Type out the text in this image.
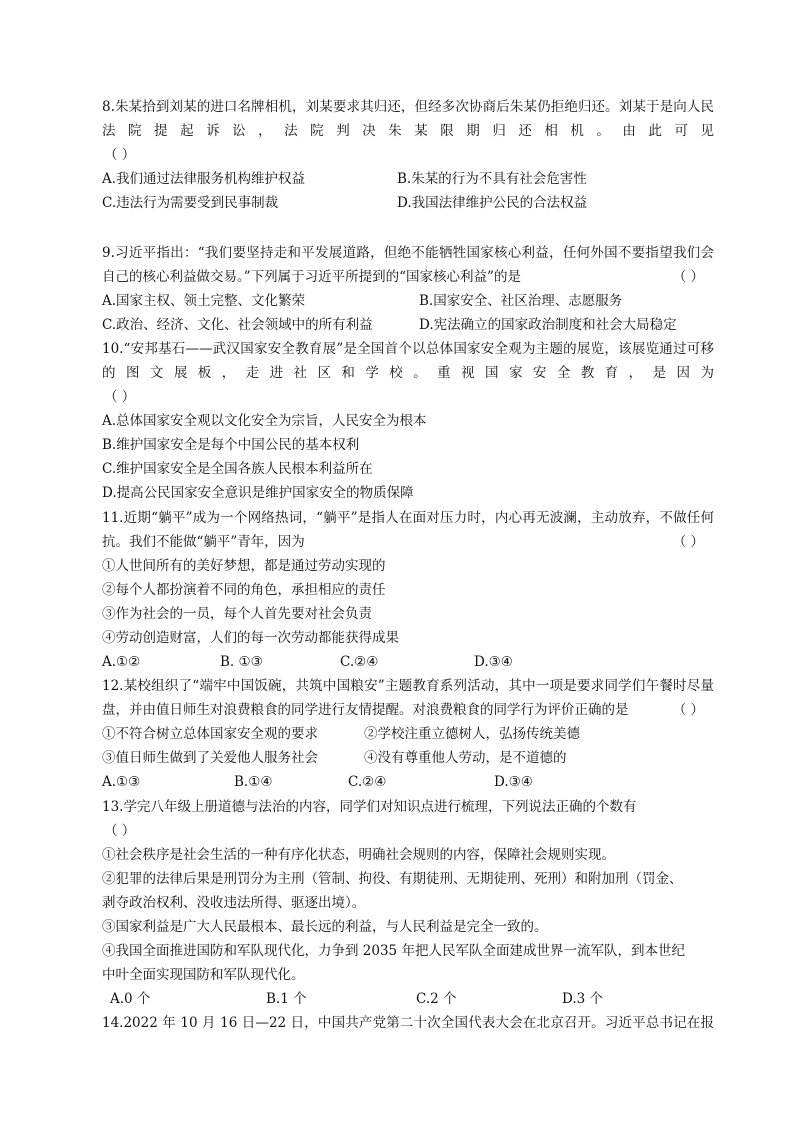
8.朱某拾到刘某的进口名牌相机，刘某要求其归还，但经多次协商后朱某仍拒绝归还。刘某于是向人民
法院提起诉讼，法院判决朱某限期归还相机。由此可见
（ ）
A.我们通过法律服务机构维护权益	B.朱某的行为不具有社会危害性
C.违法行为需要受到民事制裁	D.我国法律维护公民的合法权益
9.习近平指出：“我们要坚持走和平发展道路，但绝不能牺牲国家核心利益，任何外国不要指望我们会
自己的核心利益做交易。”下列属于习近平所提到的“国家核心利益”的是	（ ）
A.国家主权、领土完整、文化繁荣	B.国家安全、社区治理、志愿服务
C.政治、经济、文化、社会领域中的所有利益	D.宪法确立的国家政治制度和社会大局稳定
10.“安邦基石——武汉国家安全教育展”是全国首个以总体国家安全观为主题的展览，该展览通过可移
的图文展板，走进社区和学校。重视国家安全教育，是因为
（ ）
A.总体国家安全观以文化安全为宗旨，人民安全为根本
B.维护国家安全是每个中国公民的基本权利
C.维护国家安全是全国各族人民根本利益所在
D.提高公民国家安全意识是维护国家安全的物质保障
11.近期“躺平”成为一个网络热词，“躺平”是指人在面对压力时，内心再无波澜，主动放弃，不做任何
抗。我们不能做“躺平”青年，因为	（ ）
①人世间所有的美好梦想，都是通过劳动实现的
②每个人都扮演着不同的角色，承担相应的责任
③作为社会的一员，每个人首先要对社会负责
④劳动创造财富，人们的每一次劳动都能获得成果
A.①②	B. ①③	C.②④	D.③④
12.某校组织了“端牢中国饭碗，共筑中国粮安”主题教育系列活动，其中一项是要求同学们午餐时尽量
盘，并由值日师生对浪费粮食的同学进行友情提醒。对浪费粮食的同学行为评价正确的是	（ ）
①不符合树立总体国家安全观的要求	②学校注重立德树人，弘扬传统美德
③值日师生做到了关爱他人服务社会	④没有尊重他人劳动，是不道德的
A.①③	B.①④	C.②④	D.③④
13.学完八年级上册道德与法治的内容，同学们对知识点进行梳理，下列说法正确的个数有
（ ）
①社会秩序是社会生活的一种有序化状态，明确社会规则的内容，保障社会规则实现。
②犯罪的法律后果是刑罚分为主刑（管制、拘役、有期徒刑、无期徒刑、死刑）和附加刑（罚金、
剥夺政治权利、没收违法所得、驱逐出境）。
③国家利益是广大人民最根本、最长远的利益，与人民利益是完全一致的。
④我国全面推进国防和军队现代化，力争到 2035 年把人民军队全面建成世界一流军队，到本世纪
中叶全面实现国防和军队现代化。
A.0 个	B.1 个	C.2 个	D.3 个
14.2022 年 10 月 16 日—22 日，中国共产党第二十次全国代表大会在北京召开。习近平总书记在报
